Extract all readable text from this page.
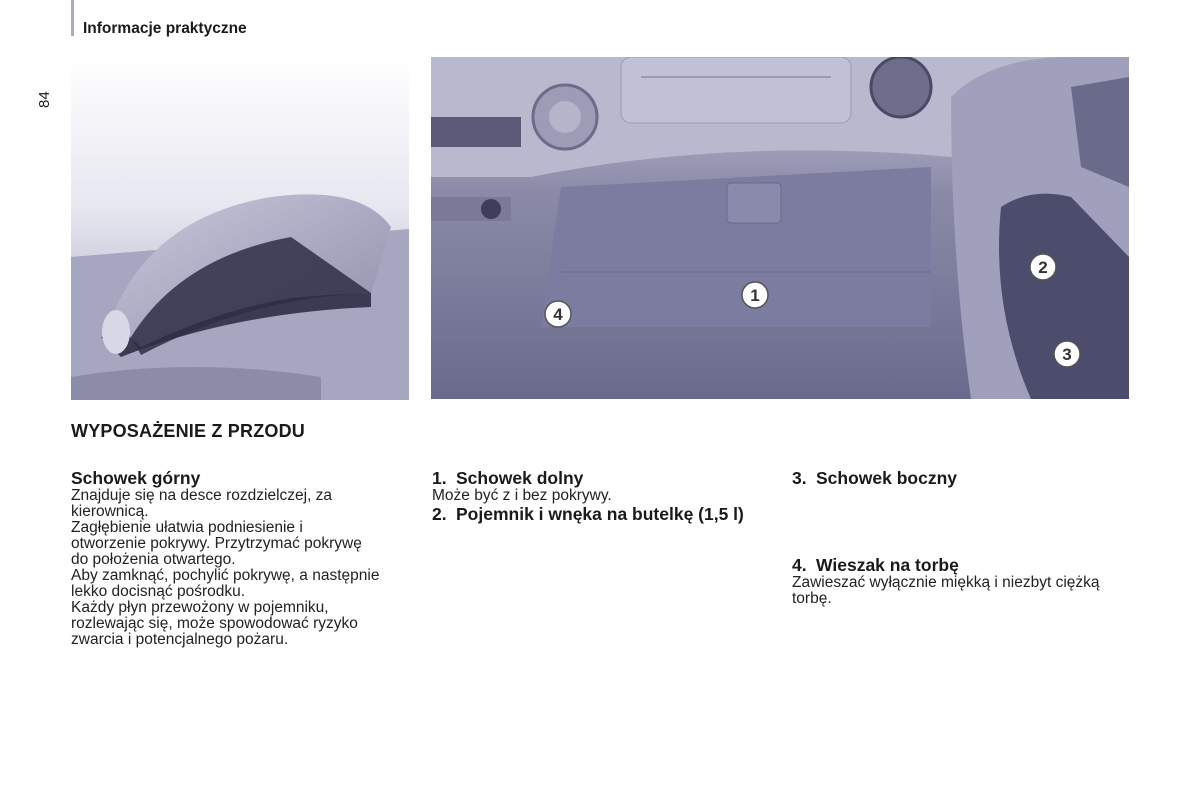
Informacje praktyczne
84
1
2
3
4
WYPOSAŻENIE Z PRZODU
Schowek górny

Znajduje się na desce rozdzielczej, za kierownicą.

Zagłębienie ułatwia podniesienie i otworzenie pokrywy. Przytrzymać pokrywę do położenia otwartego.

Aby zamknąć, pochylić pokrywę, a następnie lekko docisnąć pośrodku.

Każdy płyn przewożony w pojemniku, rozlewając się, może spowodować ryzyko zwarcia i potencjalnego pożaru.

1. Schowek dolny

Może być z i bez pokrywy.

2. Pojemnik i wnęka na butelkę (1,5 l)
3. Schowek boczny
4. Wieszak na torbę

Zawieszać wyłącznie miękką i niezbyt ciężką torbę.
